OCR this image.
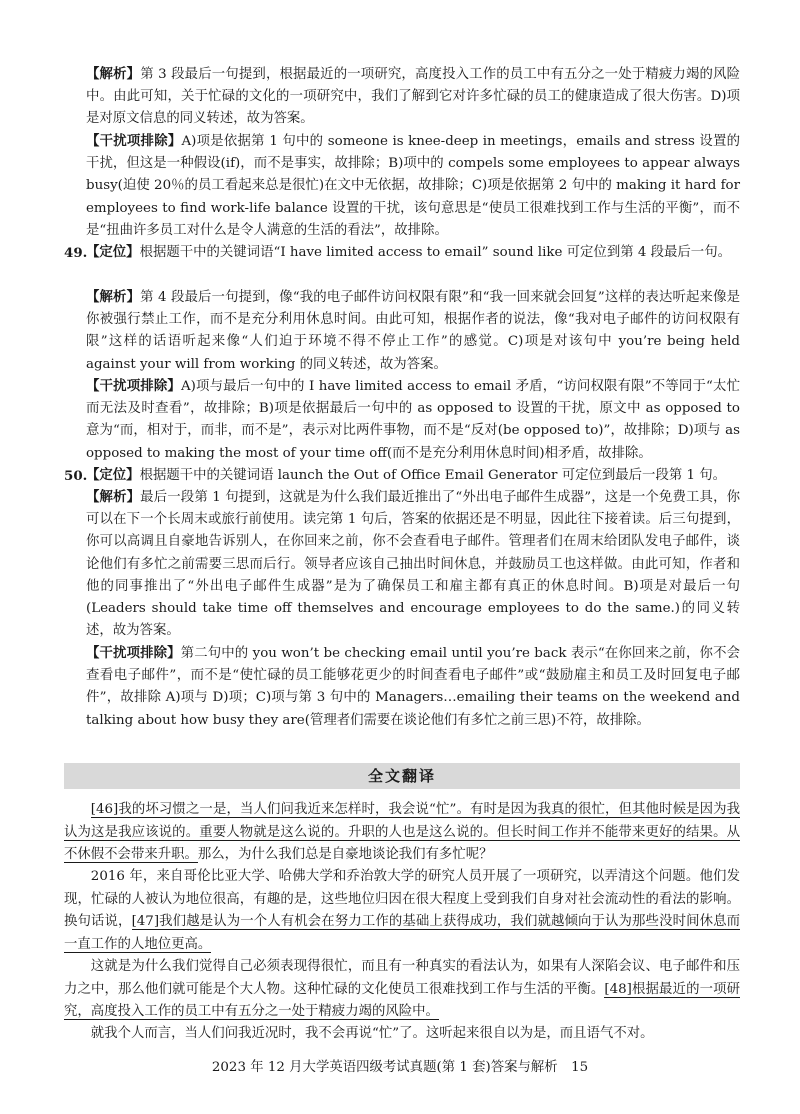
【解析】第 3 段最后一句提到，根据最近的一项研究，高度投入工作的员工中有五分之一处于精疲力竭的风险中。由此可知，关于忙碌的文化的一项研究中，我们了解到它对许多忙碌的员工的健康造成了很大伤害。D)项是对原文信息的同义转述，故为答案。

【干扰项排除】A)项是依据第 1 句中的 someone is knee-deep in meetings，emails and stress 设置的干扰，但这是一种假设(if)，而不是事实，故排除；B)项中的 compels some employees to appear always busy(迫使 20％的员工看起来总是很忙)在文中无依据，故排除；C)项是依据第 2 句中的 making it hard for employees to find work-life balance 设置的干扰，该句意思是“使员工很难找到工作与生活的平衡”，而不是“扭曲许多员工对什么是令人满意的生活的看法”，故排除。

49.

【定位】根据题干中的关键词语“I have limited access to email” sound like 可定位到第 4 段最后一句。

【解析】第 4 段最后一句提到，像“我的电子邮件访问权限有限”和“我一回来就会回复”这样的表达听起来像是你被强行禁止工作，而不是充分利用休息时间。由此可知，根据作者的说法，像“我对电子邮件的访问权限有限”这样的话语听起来像“人们迫于环境不得不停止工作”的感觉。C)项是对该句中 you’re being held against your will from working 的同义转述，故为答案。

【干扰项排除】A)项与最后一句中的 I have limited access to email 矛盾，“访问权限有限”不等同于“太忙而无法及时查看”，故排除；B)项是依据最后一句中的 as opposed to 设置的干扰，原文中 as opposed to 意为“而，相对于，而非，而不是”，表示对比两件事物，而不是“反对(be opposed to)”，故排除；D)项与 as opposed to making the most of your time off(而不是充分利用休息时间)相矛盾，故排除。

50.

【定位】根据题干中的关键词语 launch the Out of Office Email Generator 可定位到最后一段第 1 句。

【解析】最后一段第 1 句提到，这就是为什么我们最近推出了“外出电子邮件生成器”，这是一个免费工具，你可以在下一个长周末或旅行前使用。读完第 1 句后，答案的依据还是不明显，因此往下接着读。后三句提到，你可以高调且自豪地告诉别人，在你回来之前，你不会查看电子邮件。管理者们在周末给团队发电子邮件，谈论他们有多忙之前需要三思而后行。领导者应该自己抽出时间休息，并鼓励员工也这样做。由此可知，作者和他的同事推出了“外出电子邮件生成器”是为了确保员工和雇主都有真正的休息时间。B)项是对最后一句(Leaders should take time off themselves and encourage employees to do the same.)的同义转述，故为答案。

【干扰项排除】第二句中的 you won’t be checking email until you’re back 表示“在你回来之前，你不会查看电子邮件”，而不是“使忙碌的员工能够花更少的时间查看电子邮件”或“鼓励雇主和员工及时回复电子邮件”，故排除 A)项与 D)项；C)项与第 3 句中的 Managers…emailing their teams on the weekend and talking about how busy they are(管理者们需要在谈论他们有多忙之前三思)不符，故排除。

全文翻译

[46]我的坏习惯之一是，当人们问我近来怎样时，我会说“忙”。有时是因为我真的很忙，但其他时候是因为我认为这是我应该说的。重要人物就是这么说的。升职的人也是这么说的。但长时间工作并不能带来更好的结果。从不休假不会带来升职。那么，为什么我们总是自豪地谈论我们有多忙呢？

2016 年，来自哥伦比亚大学、哈佛大学和乔治敦大学的研究人员开展了一项研究，以弄清这个问题。他们发现，忙碌的人被认为地位很高，有趣的是，这些地位归因在很大程度上受到我们自身对社会流动性的看法的影响。换句话说，[47]我们越是认为一个人有机会在努力工作的基础上获得成功，我们就越倾向于认为那些没时间休息而一直工作的人地位更高。

这就是为什么我们觉得自己必须表现得很忙，而且有一种真实的看法认为，如果有人深陷会议、电子邮件和压力之中，那么他们就可能是个大人物。这种忙碌的文化使员工很难找到工作与生活的平衡。[48]根据最近的一项研究，高度投入工作的员工中有五分之一处于精疲力竭的风险中。

就我个人而言，当人们问我近况时，我不会再说“忙”了。这听起来很自以为是，而且语气不对。

2023 年 12 月大学英语四级考试真题(第 1 套)答案与解析　15
